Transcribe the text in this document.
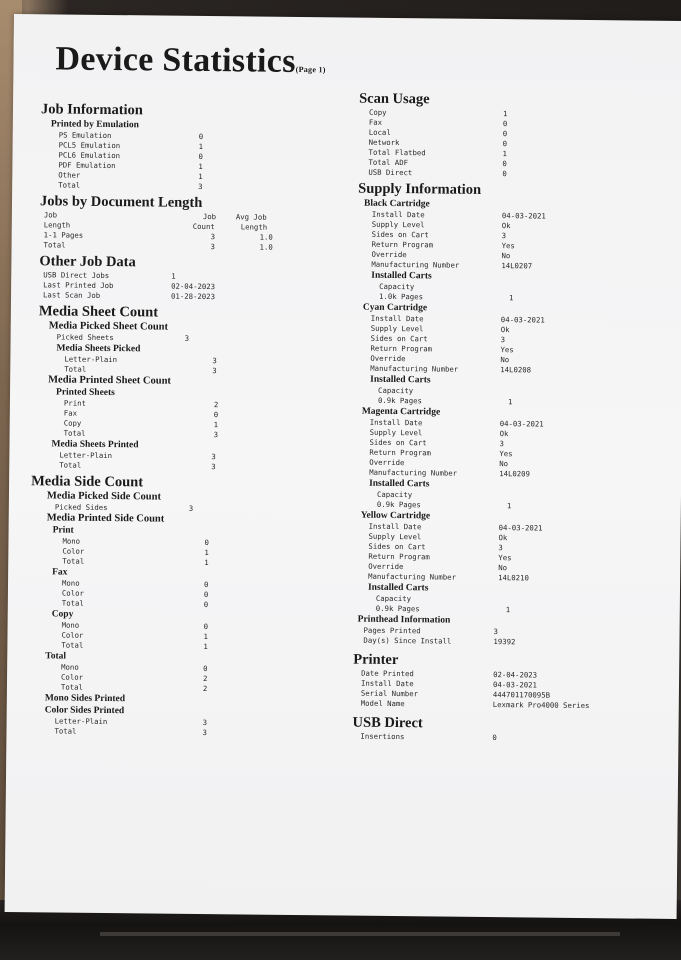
Device Statistics(Page 1)
Job Information
Printed by Emulation
PS Emulation	0
PCL5 Emulation	1
PCL6 Emulation	0
PDF Emulation	1
Other	1
Total	3
Jobs by Document Length
Job	Job	Avg Job
Length	Count	Length
1-1 Pages	3	1.0
Total	3	1.0
Other Job Data
USB Direct Jobs	1
Last Printed Job	02-04-2023
Last Scan Job	01-28-2023
Media Sheet Count
Media Picked Sheet Count
Picked Sheets	3
Media Sheets Picked
Letter-Plain	3
Total	3
Media Printed Sheet Count
Printed Sheets
Print	2
Fax	0
Copy	1
Total	3
Media Sheets Printed
Letter-Plain	3
Total	3
Media Side Count
Media Picked Side Count
Picked Sides	3
Media Printed Side Count
Print
Mono	0
Color	1
Total	1
Fax
Mono	0
Color	0
Total	0
Copy
Mono	0
Color	1
Total	1
Total
Mono	0
Color	2
Total	2
Mono Sides Printed
Color Sides Printed
Letter-Plain	3
Total	3
Scan Usage
Copy	1
Fax	0
Local	0
Network	0
Total Flatbed	1
Total ADF	0
USB Direct	0
Supply Information
Black Cartridge
Install Date	04-03-2021
Supply Level	Ok
Sides on Cart	3
Return Program	Yes
Override	No
Manufacturing Number	14L0207
Installed Carts
Capacity
1.0k Pages	1
Cyan Cartridge
Install Date	04-03-2021
Supply Level	Ok
Sides on Cart	3
Return Program	Yes
Override	No
Manufacturing Number	14L0208
Installed Carts
Capacity
0.9k Pages	1
Magenta Cartridge
Install Date	04-03-2021
Supply Level	Ok
Sides on Cart	3
Return Program	Yes
Override	No
Manufacturing Number	14L0209
Installed Carts
Capacity
0.9k Pages	1
Yellow Cartridge
Install Date	04-03-2021
Supply Level	Ok
Sides on Cart	3
Return Program	Yes
Override	No
Manufacturing Number	14L0210
Installed Carts
Capacity
0.9k Pages	1
Printhead Information
Pages Printed	3
Day(s) Since Install	19392
Printer
Date Printed	02-04-2023
Install Date	04-03-2021
Serial Number	444701170095B
Model Name	Lexmark Pro4000 Series
USB Direct
Insertions	0
